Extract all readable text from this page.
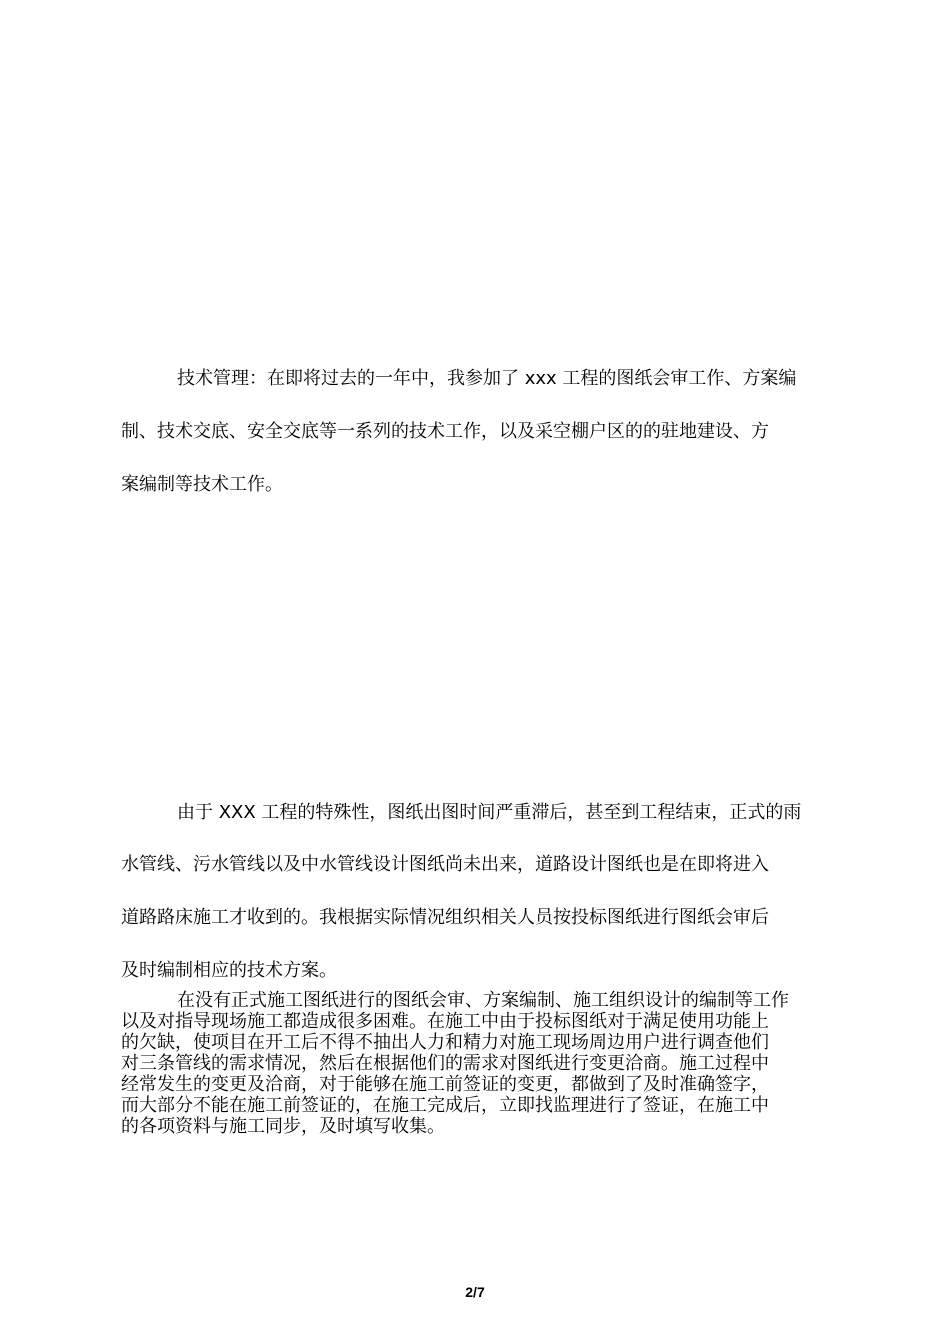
技术管理：在即将过去的一年中，我参加了 xxx 工程的图纸会审工作、方案编
制、技术交底、安全交底等一系列的技术工作，以及采空棚户区的的驻地建设、方
案编制等技术工作。
由于 XXX 工程的特殊性，图纸出图时间严重滞后，甚至到工程结束，正式的雨
水管线、污水管线以及中水管线设计图纸尚未出来，道路设计图纸也是在即将进入
道路路床施工才收到的。我根据实际情况组织相关人员按投标图纸进行图纸会审后
及时编制相应的技术方案。
在没有正式施工图纸进行的图纸会审、方案编制、施工组织设计的编制等工作
以及对指导现场施工都造成很多困难。在施工中由于投标图纸对于满足使用功能上
的欠缺，使项目在开工后不得不抽出人力和精力对施工现场周边用户进行调查他们
对三条管线的需求情况，然后在根据他们的需求对图纸进行变更洽商。施工过程中
经常发生的变更及洽商，对于能够在施工前签证的变更，都做到了及时准确签字，
而大部分不能在施工前签证的，在施工完成后，立即找监理进行了签证，在施工中
的各项资料与施工同步，及时填写收集。
2/7
